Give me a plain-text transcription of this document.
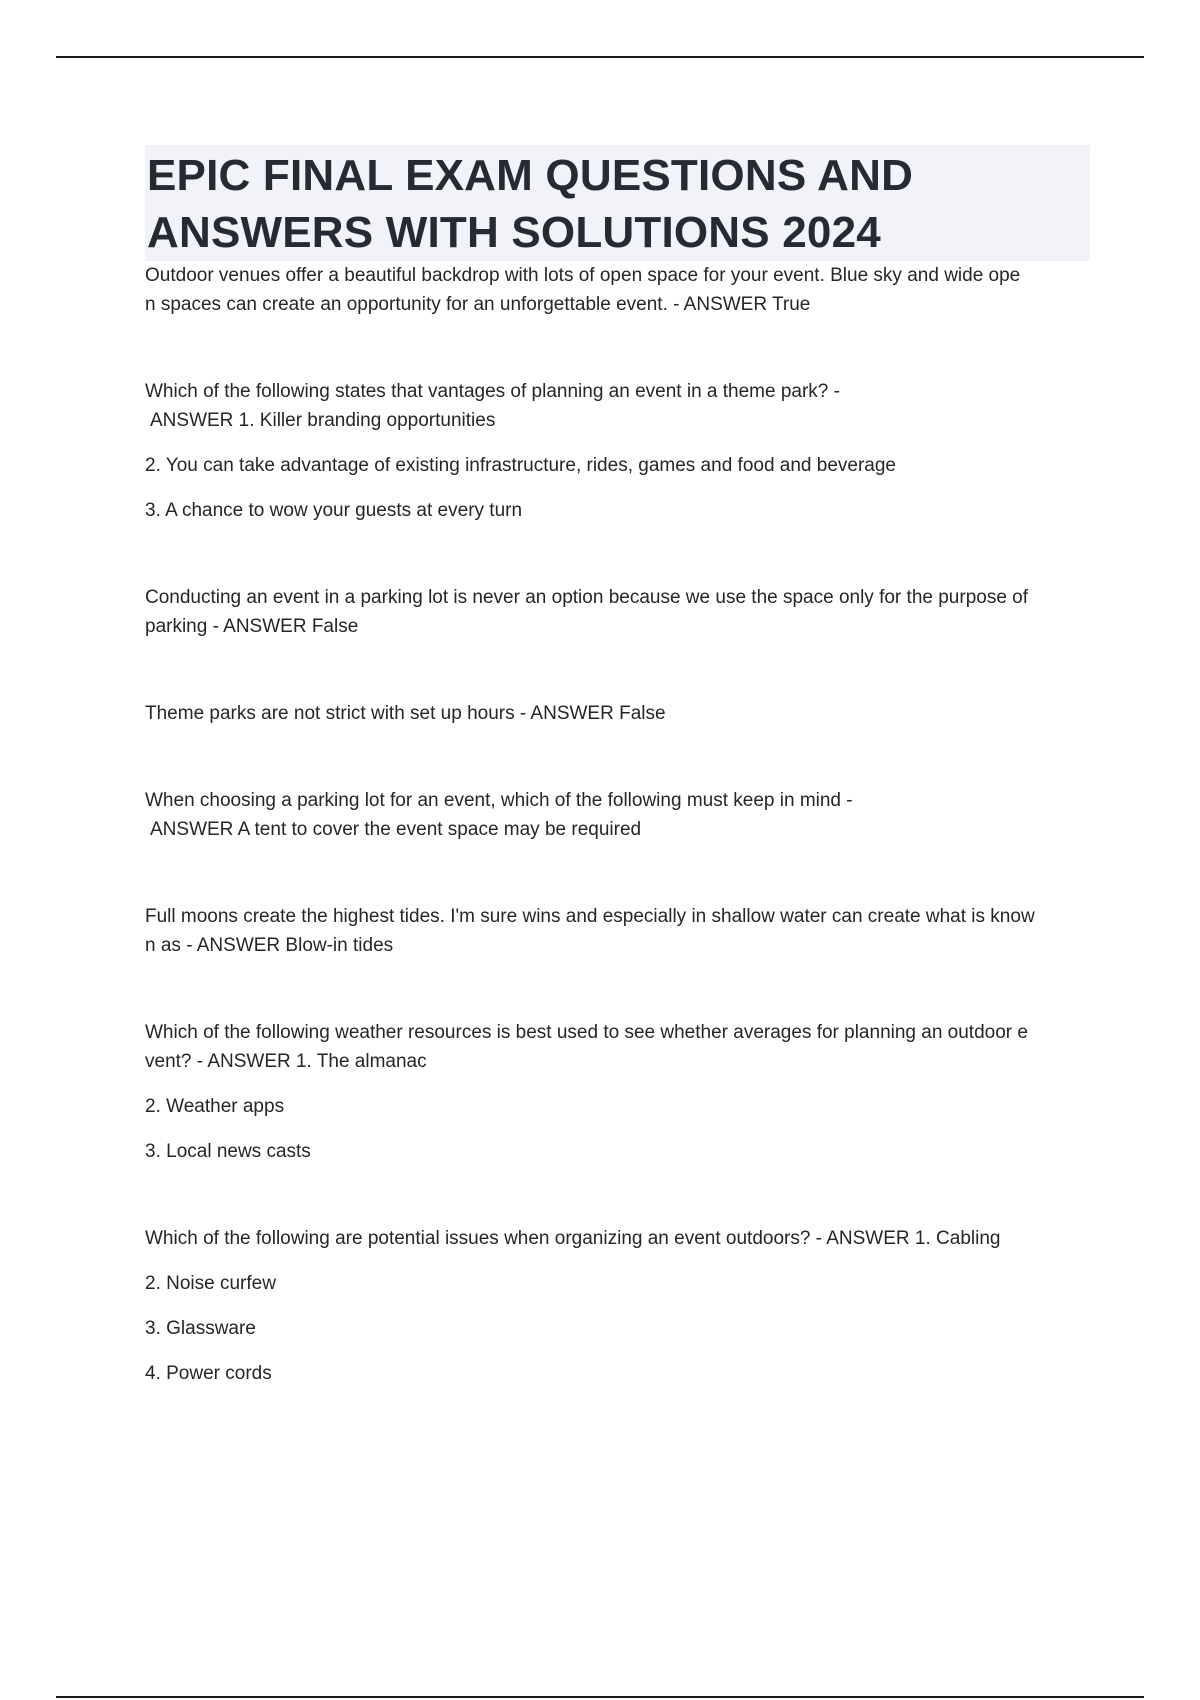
EPIC FINAL EXAM QUESTIONS AND
ANSWERS WITH SOLUTIONS 2024

Outdoor venues offer a beautiful backdrop with lots of open space for your event. Blue sky and wide ope

n spaces can create an opportunity for an unforgettable event. - ANSWER True

Which of the following states that vantages of planning an event in a theme park? -

ANSWER 1. Killer branding opportunities

2. You can take advantage of existing infrastructure, rides, games and food and beverage

3. A chance to wow your guests at every turn

Conducting an event in a parking lot is never an option because we use the space only for the purpose of

parking - ANSWER False

Theme parks are not strict with set up hours - ANSWER False

When choosing a parking lot for an event, which of the following must keep in mind -

ANSWER A tent to cover the event space may be required

Full moons create the highest tides. I'm sure wins and especially in shallow water can create what is know

n as - ANSWER Blow-in tides

Which of the following weather resources is best used to see whether averages for planning an outdoor e

vent? - ANSWER 1. The almanac

2. Weather apps

3. Local news casts

Which of the following are potential issues when organizing an event outdoors? - ANSWER 1. Cabling

2. Noise curfew

3. Glassware

4. Power cords
